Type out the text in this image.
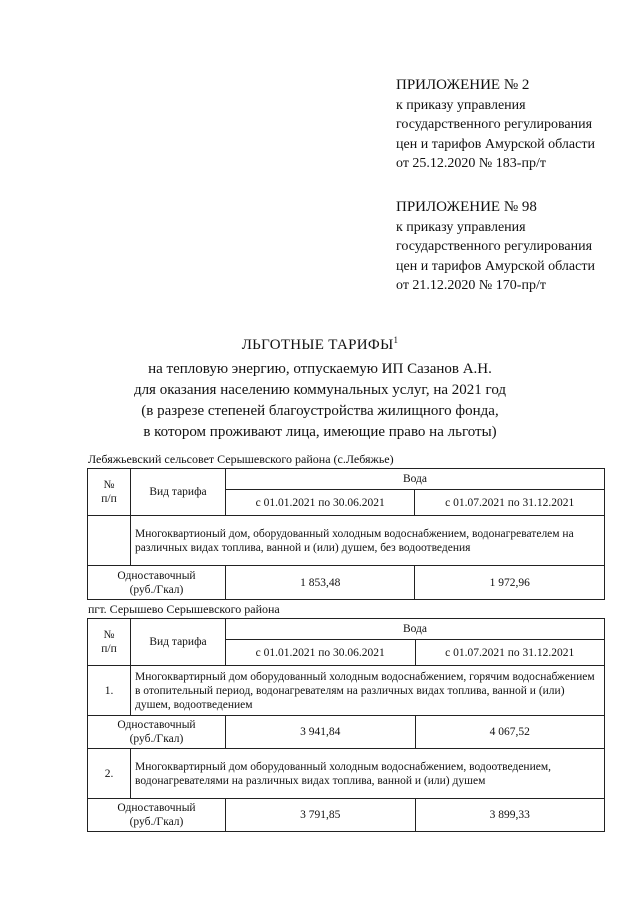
ПРИЛОЖЕНИЕ № 2
к приказу управления
государственного регулирования
цен и тарифов Амурской области
от 25.12.2020 № 183-пр/т
ПРИЛОЖЕНИЕ № 98
к приказу управления
государственного регулирования
цен и тарифов Амурской области
от 21.12.2020 № 170-пр/т
ЛЬГОТНЫЕ ТАРИФЫ$^1$
на тепловую энергию, отпускаемую ИП Сазанов А.Н.
для оказания населению коммунальных услуг, на 2021 год
(в разрезе степеней благоустройства жилищного фонда,
в котором проживают лица, имеющие право на льготы)
Лебяжьевский сельсовет Серышевского района (с.Лебяжье)
№
п/п	Вид тарифа	Вода	
		с 01.01.2021 по 30.06.2021	с 01.07.2021 по 31.12.2021
	Многоквартионый дом, оборудованный холодным водоснабжением, водонагревателем на различных видах топлива, ванной и (или) душем, без водоотведения		
Одноставочный
(руб./Гкал)		1 853,48	1 972,96
пгт. Серышево Серышевского района
№
п/п	Вид тарифа	Вода	
		с 01.01.2021 по 30.06.2021	с 01.07.2021 по 31.12.2021
1.	Многоквартирный дом оборудованный холодным водоснабжением, горячим водоснабжением в отопительный период, водонагревателям на различных видах топлива, ванной и (или) душем, водоотведением		
Одноставочный
(руб./Гкал)		3 941,84	4 067,52
2.	Многоквартирный дом оборудованный холодным водоснабжением, водоотведением, водонагревателями на различных видах топлива, ванной и (или) душем		
Одноставочный
(руб./Гкал)		3 791,85	3 899,33
